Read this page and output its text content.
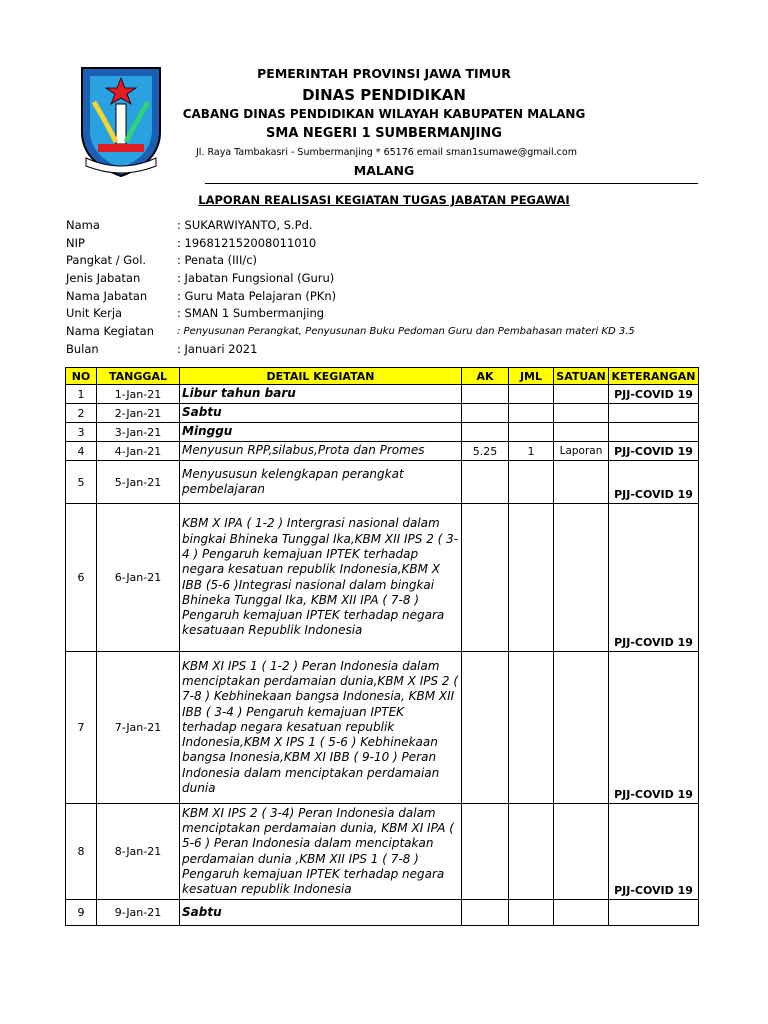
PEMERINTAH PROVINSI JAWA TIMUR
DINAS PENDIDIKAN
CABANG DINAS PENDIDIKAN WILAYAH KABUPATEN MALANG
SMA NEGERI 1 SUMBERMANJING
Jl. Raya Tambakasri - Sumbermanjing * 65176 email sman1sumawe@gmail.com
MALANG
LAPORAN REALISASI KEGIATAN TUGAS JABATAN PEGAWAI
Nama	: SUKARWIYANTO, S.Pd.
NIP	: 196812152008011010
Pangkat / Gol.	: Penata (III/c)
Jenis Jabatan	: Jabatan Fungsional (Guru)
Nama Jabatan	: Guru Mata Pelajaran (PKn)
Unit Kerja	: SMAN 1 Sumbermanjing
Nama Kegiatan : Penyusunan Perangkat, Penyusunan Buku Pedoman Guru dan Pembahasan materi KD 3.5
Bulan	: Januari 2021
NO	TANGGAL	DETAIL KEGIATAN	AK	JML	SATUAN	KETERANGAN
1	1-Jan-21	Libur tahun baru				PJJ-COVID 19
2	2-Jan-21	Sabtu				
3	3-Jan-21	Minggu				
4	4-Jan-21	Menyusun RPP,silabus,Prota dan Promes	5.25	1	Laporan	PJJ-COVID 19
5	5-Jan-21	Menyususun kelengkapan perangkat pembelajaran				PJJ-COVID 19
6	6-Jan-21	KBM X IPA ( 1-2 ) Intergrasi nasional dalam bingkai Bhineka Tunggal Ika,KBM XII IPS 2 ( 3-4 ) Pengaruh kemajuan IPTEK terhadap negara kesatuan republik Indonesia,KBM X IBB (5-6 )Integrasi nasional dalam bingkai Bhineka Tunggal Ika, KBM XII IPA ( 7-8 ) Pengaruh kemajuan IPTEK terhadap negara kesatuaan Republik Indonesia				PJJ-COVID 19
7	7-Jan-21	KBM XI IPS 1 ( 1-2 ) Peran Indonesia dalam menciptakan perdamaian dunia,KBM X IPS 2 ( 7-8 ) Kebhinekaan bangsa Indonesia, KBM XII IBB ( 3-4 ) Pengaruh kemajuan IPTEK terhadap negara kesatuan republik Indonesia,KBM X IPS 1 ( 5-6 ) Kebhinekaan bangsa Inonesia,KBM XI IBB ( 9-10 ) Peran Indonesia dalam menciptakan perdamaian dunia				PJJ-COVID 19
8	8-Jan-21	KBM XI IPS 2 ( 3-4) Peran Indonesia dalam menciptakan perdamaian dunia, KBM XI IPA ( 5-6 ) Peran Indonesia dalam menciptakan perdamaian dunia ,KBM XII IPS 1 ( 7-8 ) Pengaruh kemajuan IPTEK terhadap negara kesatuan republik Indonesia				PJJ-COVID 19
9	9-Jan-21	Sabtu				
